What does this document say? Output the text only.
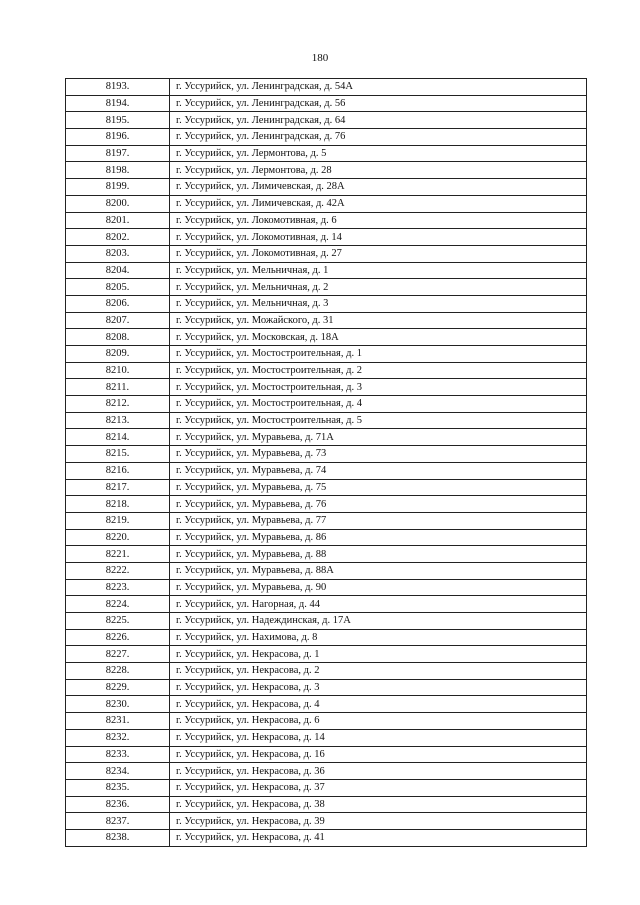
180
8193.	г. Уссурийск, ул. Ленинградская, д. 54А
8194.	г. Уссурийск, ул. Ленинградская, д. 56
8195.	г. Уссурийск, ул. Ленинградская, д. 64
8196.	г. Уссурийск, ул. Ленинградская, д. 76
8197.	г. Уссурийск, ул. Лермонтова, д. 5
8198.	г. Уссурийск, ул. Лермонтова, д. 28
8199.	г. Уссурийск, ул. Лимичевская, д. 28А
8200.	г. Уссурийск, ул. Лимичевская, д. 42А
8201.	г. Уссурийск, ул. Локомотивная, д. 6
8202.	г. Уссурийск, ул. Локомотивная, д. 14
8203.	г. Уссурийск, ул. Локомотивная, д. 27
8204.	г. Уссурийск, ул. Мельничная, д. 1
8205.	г. Уссурийск, ул. Мельничная, д. 2
8206.	г. Уссурийск, ул. Мельничная, д. 3
8207.	г. Уссурийск, ул. Можайского, д. 31
8208.	г. Уссурийск, ул. Московская, д. 18А
8209.	г. Уссурийск, ул. Мостостроительная, д. 1
8210.	г. Уссурийск, ул. Мостостроительная, д. 2
8211.	г. Уссурийск, ул. Мостостроительная, д. 3
8212.	г. Уссурийск, ул. Мостостроительная, д. 4
8213.	г. Уссурийск, ул. Мостостроительная, д. 5
8214.	г. Уссурийск, ул. Муравьева, д. 71А
8215.	г. Уссурийск, ул. Муравьева, д. 73
8216.	г. Уссурийск, ул. Муравьева, д. 74
8217.	г. Уссурийск, ул. Муравьева, д. 75
8218.	г. Уссурийск, ул. Муравьева, д. 76
8219.	г. Уссурийск, ул. Муравьева, д. 77
8220.	г. Уссурийск, ул. Муравьева, д. 86
8221.	г. Уссурийск, ул. Муравьева, д. 88
8222.	г. Уссурийск, ул. Муравьева, д. 88А
8223.	г. Уссурийск, ул. Муравьева, д. 90
8224.	г. Уссурийск, ул. Нагорная, д. 44
8225.	г. Уссурийск, ул. Надеждинская, д. 17А
8226.	г. Уссурийск, ул. Нахимова, д. 8
8227.	г. Уссурийск, ул. Некрасова, д. 1
8228.	г. Уссурийск, ул. Некрасова, д. 2
8229.	г. Уссурийск, ул. Некрасова, д. 3
8230.	г. Уссурийск, ул. Некрасова, д. 4
8231.	г. Уссурийск, ул. Некрасова, д. 6
8232.	г. Уссурийск, ул. Некрасова, д. 14
8233.	г. Уссурийск, ул. Некрасова, д. 16
8234.	г. Уссурийск, ул. Некрасова, д. 36
8235.	г. Уссурийск, ул. Некрасова, д. 37
8236.	г. Уссурийск, ул. Некрасова, д. 38
8237.	г. Уссурийск, ул. Некрасова, д. 39
8238.	г. Уссурийск, ул. Некрасова, д. 41
